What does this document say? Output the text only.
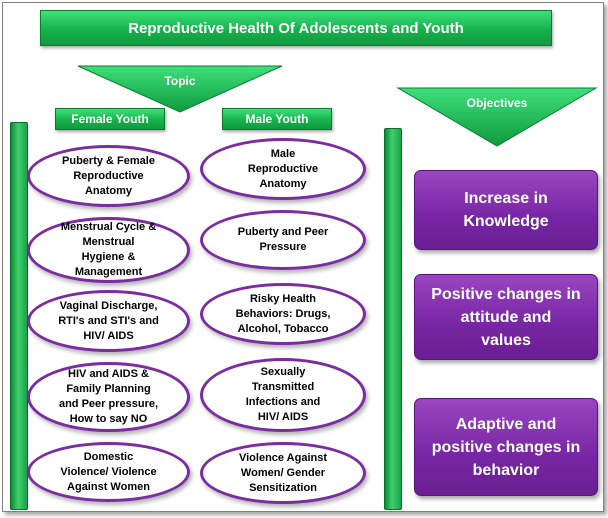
Reproductive Health Of Adolescents and Youth
Topic
Objectives
Female Youth	Male Youth
Puberty & Female
Reproductive
Anatomy
Menstrual Cycle &
Menstrual
Hygiene &
Management
Vaginal Discharge,
RTI's and STI's and
HIV/ AIDS
HIV and AIDS &
Family Planning
and Peer pressure,
How to say NO
Domestic
Violence/ Violence
Against Women
Male
Reproductive
Anatomy
Puberty and Peer
Pressure
Risky Health
Behaviors: Drugs,
Alcohol, Tobacco
Sexually
Transmitted
Infections and
HIV/ AIDS
Violence Against
Women/ Gender
Sensitization
Increase in
Knowledge
Positive changes in
attitude and
values
Adaptive and
positive changes in
behavior
